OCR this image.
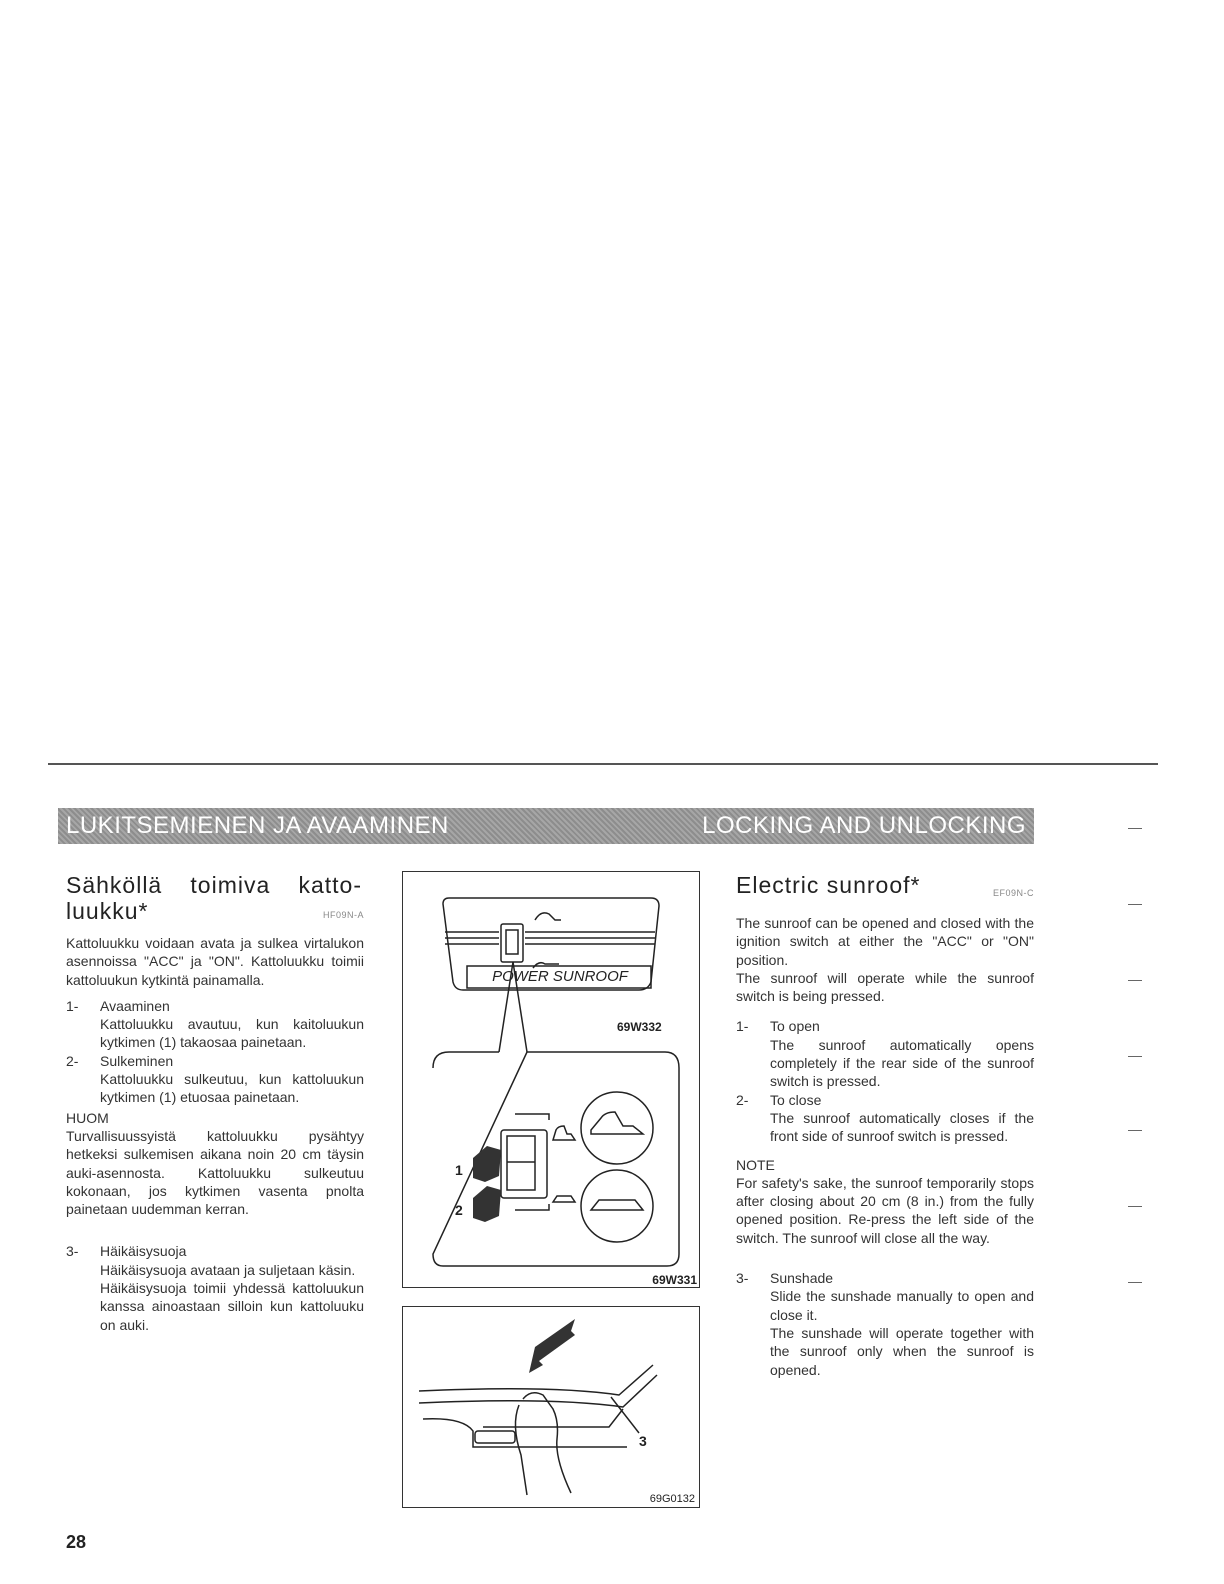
LUKITSEMIENEN JA AVAAMINEN	LOCKING AND UNLOCKING
Sähköllä toimiva katto-luukku*	HF09N-A

Kattoluukku voidaan avata ja sulkea virtalukon asennoissa "ACC" ja "ON". Kattoluukku toimii kattoluukun kytkintä painamalla.

1-	Avaaminen

Kattoluukku avautuu, kun kaitoluukun kytkimen (1) takaosaa painetaan.

2-	Sulkeminen

Kattoluukku sulkeutuu, kun kattoluukun kytkimen (1) etuosaa painetaan.

HUOM

Turvallisuussyistä kattoluukku pysähtyy hetkeksi sulkemisen aikana noin 20 cm täysin auki-asennosta. Kattoluukku sulkeutuu kokonaan, jos kytkimen vasenta pnolta painetaan uudemman kerran.

3-	Häikäisysuoja

Häikäisysuoja avataan ja suljetaan käsin.

Häikäisysuoja toimii yhdessä kattoluukun kanssa ainoastaan silloin kun kattoluuku on auki.

POWER SUNROOF
69W332
1
2
69W331
3
69G0132
Electric sunroof*	EF09N-C

The sunroof can be opened and closed with the ignition switch at either the "ACC" or "ON" position.

The sunroof will operate while the sunroof switch is being pressed.

1-	To open

The sunroof automatically opens completely if the rear side of the sunroof switch is pressed.

2-	To close

The sunroof automatically closes if the front side of sunroof switch is pressed.

NOTE

For safety's sake, the sunroof temporarily stops after closing about 20 cm (8 in.) from the fully opened position. Re-press the left side of the switch. The sunroof will close all the way.

3-	Sunshade

Slide the sunshade manually to open and close it.

The sunshade will operate together with the sunroof only when the sunroof is opened.

28
